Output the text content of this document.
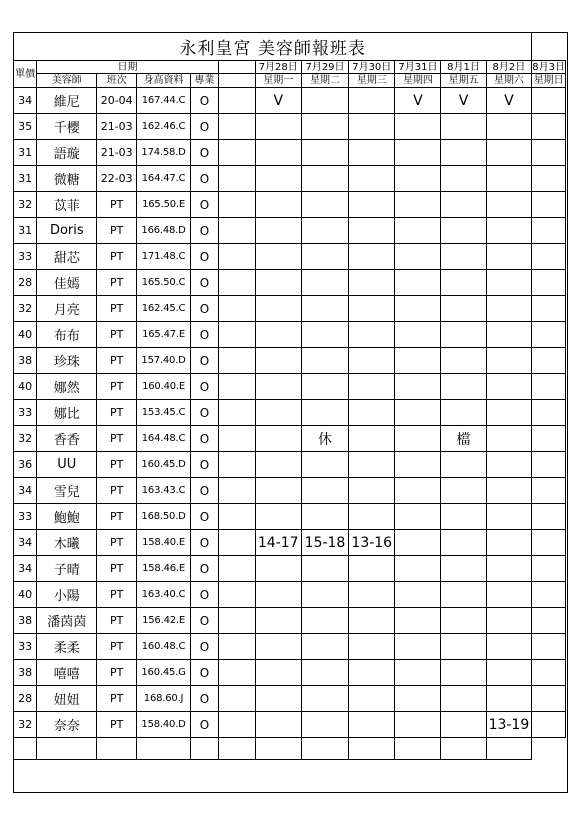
永利皇宮 美容師報班表												
單價	日期					7月28日	7月29日	7月30日	7月31日	8月1日	8月2日	8月3日
	美容師	班次	身高資料	專業		星期一	星期二	星期三	星期四	星期五	星期六	星期日
34	維尼	20-04	167.44.C	O		V			V	V	V	
35	千櫻	21-03	162.46.C	O								
31	語璇	21-03	174.58.D	O								
31	微糖	22-03	164.47.C	O								
32	苡菲	PT	165.50.E	O								
31	Doris	PT	166.48.D	O								
33	甜芯	PT	171.48.C	O								
28	佳嫣	PT	165.50.C	O								
32	月亮	PT	162.45.C	O								
40	布布	PT	165.47.E	O								
38	珍珠	PT	157.40.D	O								
40	娜然	PT	160.40.E	O								
33	娜比	PT	153.45.C	O								
32	香香	PT	164.48.C	O			休			檔		
36	UU	PT	160.45.D	O								
34	雪兒	PT	163.43.C	O								
33	鮑鮑	PT	168.50.D	O								
34	木曦	PT	158.40.E	O		14-17	15-18	13-16				
34	子晴	PT	158.46.E	O								
40	小陽	PT	163.40.C	O								
38	潘茵茵	PT	156.42.E	O								
33	柔柔	PT	160.48.C	O								
38	嘻嘻	PT	160.45.G	O								
28	妞妞	PT	168.60.J	O								
32	奈奈	PT	158.40.D	O							13-19	
